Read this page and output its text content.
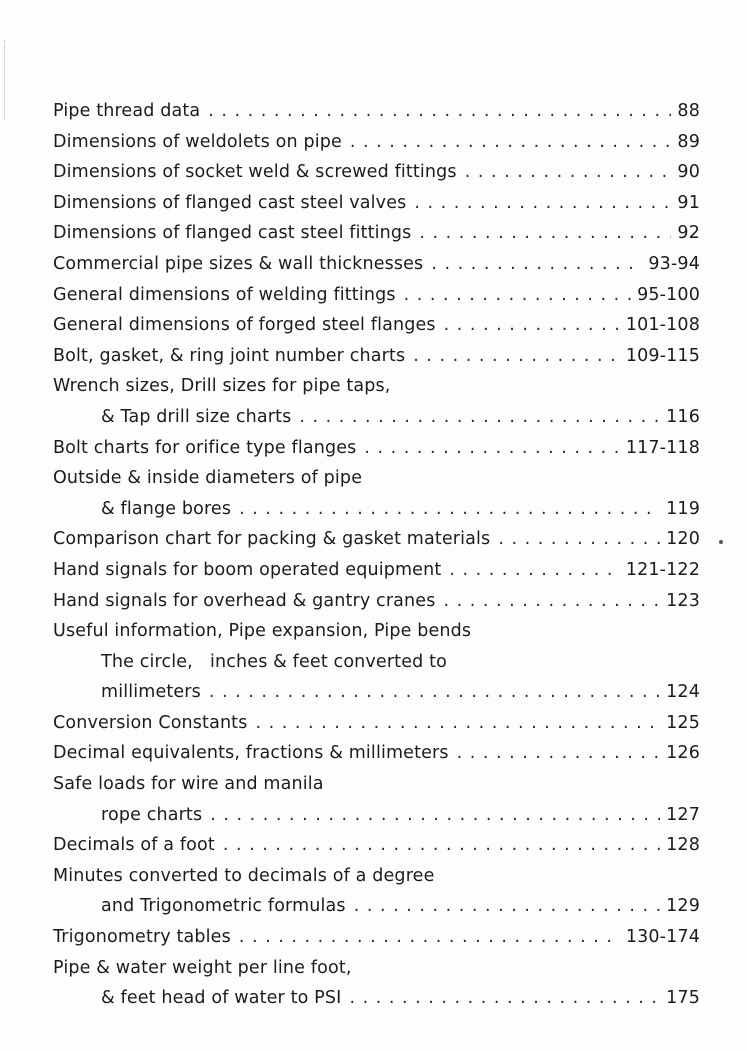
Pipe thread data . . .	88
Dimensions of weldolets on pipe . . .	89
Dimensions of socket weld & screwed fittings . . .	90
Dimensions of flanged cast steel valves . . .	91
Dimensions of flanged cast steel fittings . . .	92
Commercial pipe sizes & wall thicknesses . . .	93-94
General dimensions of welding fittings . . .	95-100
General dimensions of forged steel flanges . . .	101-108
Bolt, gasket, & ring joint number charts . . .	109-115
Wrench sizes, Drill sizes for pipe taps,
& Tap drill size charts . . .	116
Bolt charts for orifice type flanges . . .	117-118
Outside & inside diameters of pipe
& flange bores . . .	119
Comparison chart for packing & gasket materials . . .	120
Hand signals for boom operated equipment . . .	121-122
Hand signals for overhead & gantry cranes . . .	123
Useful information, Pipe expansion, Pipe bends
The circle,   inches & feet converted to
millimeters . . .	124
Conversion Constants . . .	125
Decimal equivalents, fractions & millimeters . . .	126
Safe loads for wire and manila
rope charts . . .	127
Decimals of a foot . . .	128
Minutes converted to decimals of a degree
and Trigonometric formulas . . .	129
Trigonometry tables . . .	130-174
Pipe & water weight per line foot,
& feet head of water to PSI . . .	175
